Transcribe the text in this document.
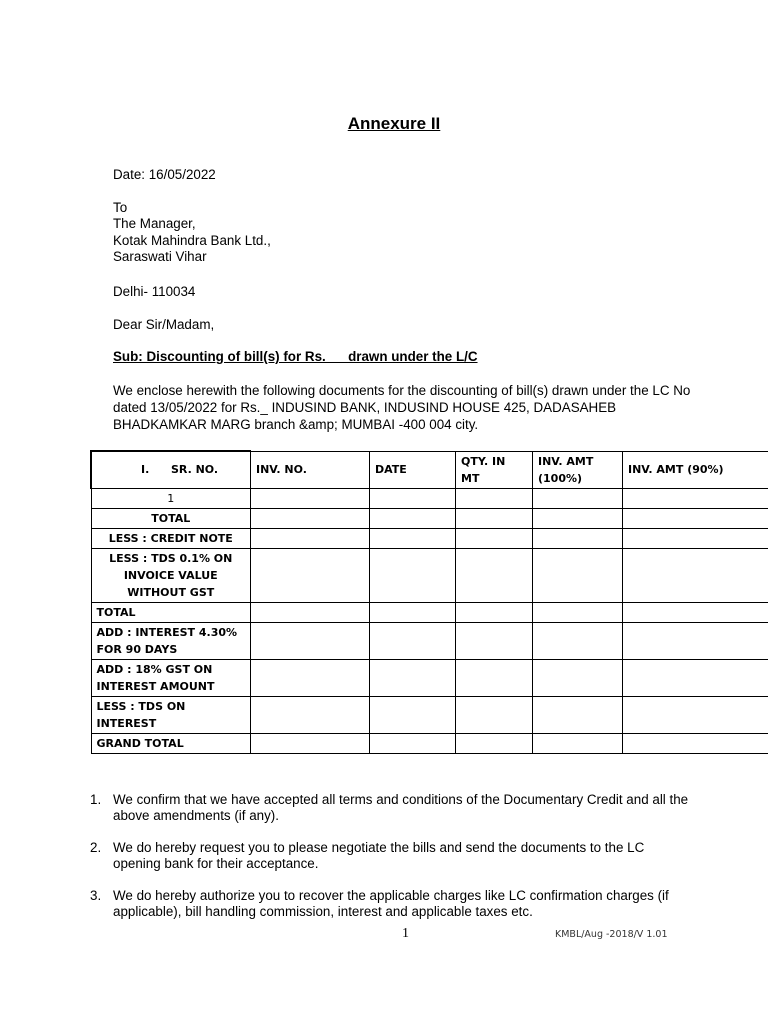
Annexure II
Date: 16/05/2022
To
The Manager,
Kotak Mahindra Bank Ltd.,
Saraswati Vihar
Delhi- 110034
Dear Sir/Madam,
Sub: Discounting of bill(s) for Rs. __ drawn under the L/C
We enclose herewith the following documents for the discounting of bill(s) drawn under the LC No dated 13/05/2022 for Rs._ INDUSIND BANK, INDUSIND HOUSE 425, DADASAHEB BHADKAMKAR MARG branch &amp; MUMBAI -400 004 city.
I. SR. NO.	INV. NO.	DATE	QTY. IN MT	INV. AMT (100%)	INV. AMT (90%)
1					
TOTAL					
LESS : CREDIT NOTE					
LESS : TDS 0.1% ON INVOICE VALUE WITHOUT GST					
TOTAL					
ADD : INTEREST 4.30% FOR 90 DAYS					
ADD : 18% GST ON INTEREST AMOUNT					
LESS : TDS ON INTEREST					
GRAND TOTAL					
1. We confirm that we have accepted all terms and conditions of the Documentary Credit and all the above amendments (if any).
2. We do hereby request you to please negotiate the bills and send the documents to the LC opening bank for their acceptance.
3. We do hereby authorize you to recover the applicable charges like LC confirmation charges (if applicable), bill handling commission, interest and applicable taxes etc.
1	KMBL/Aug -2018/V 1.01
